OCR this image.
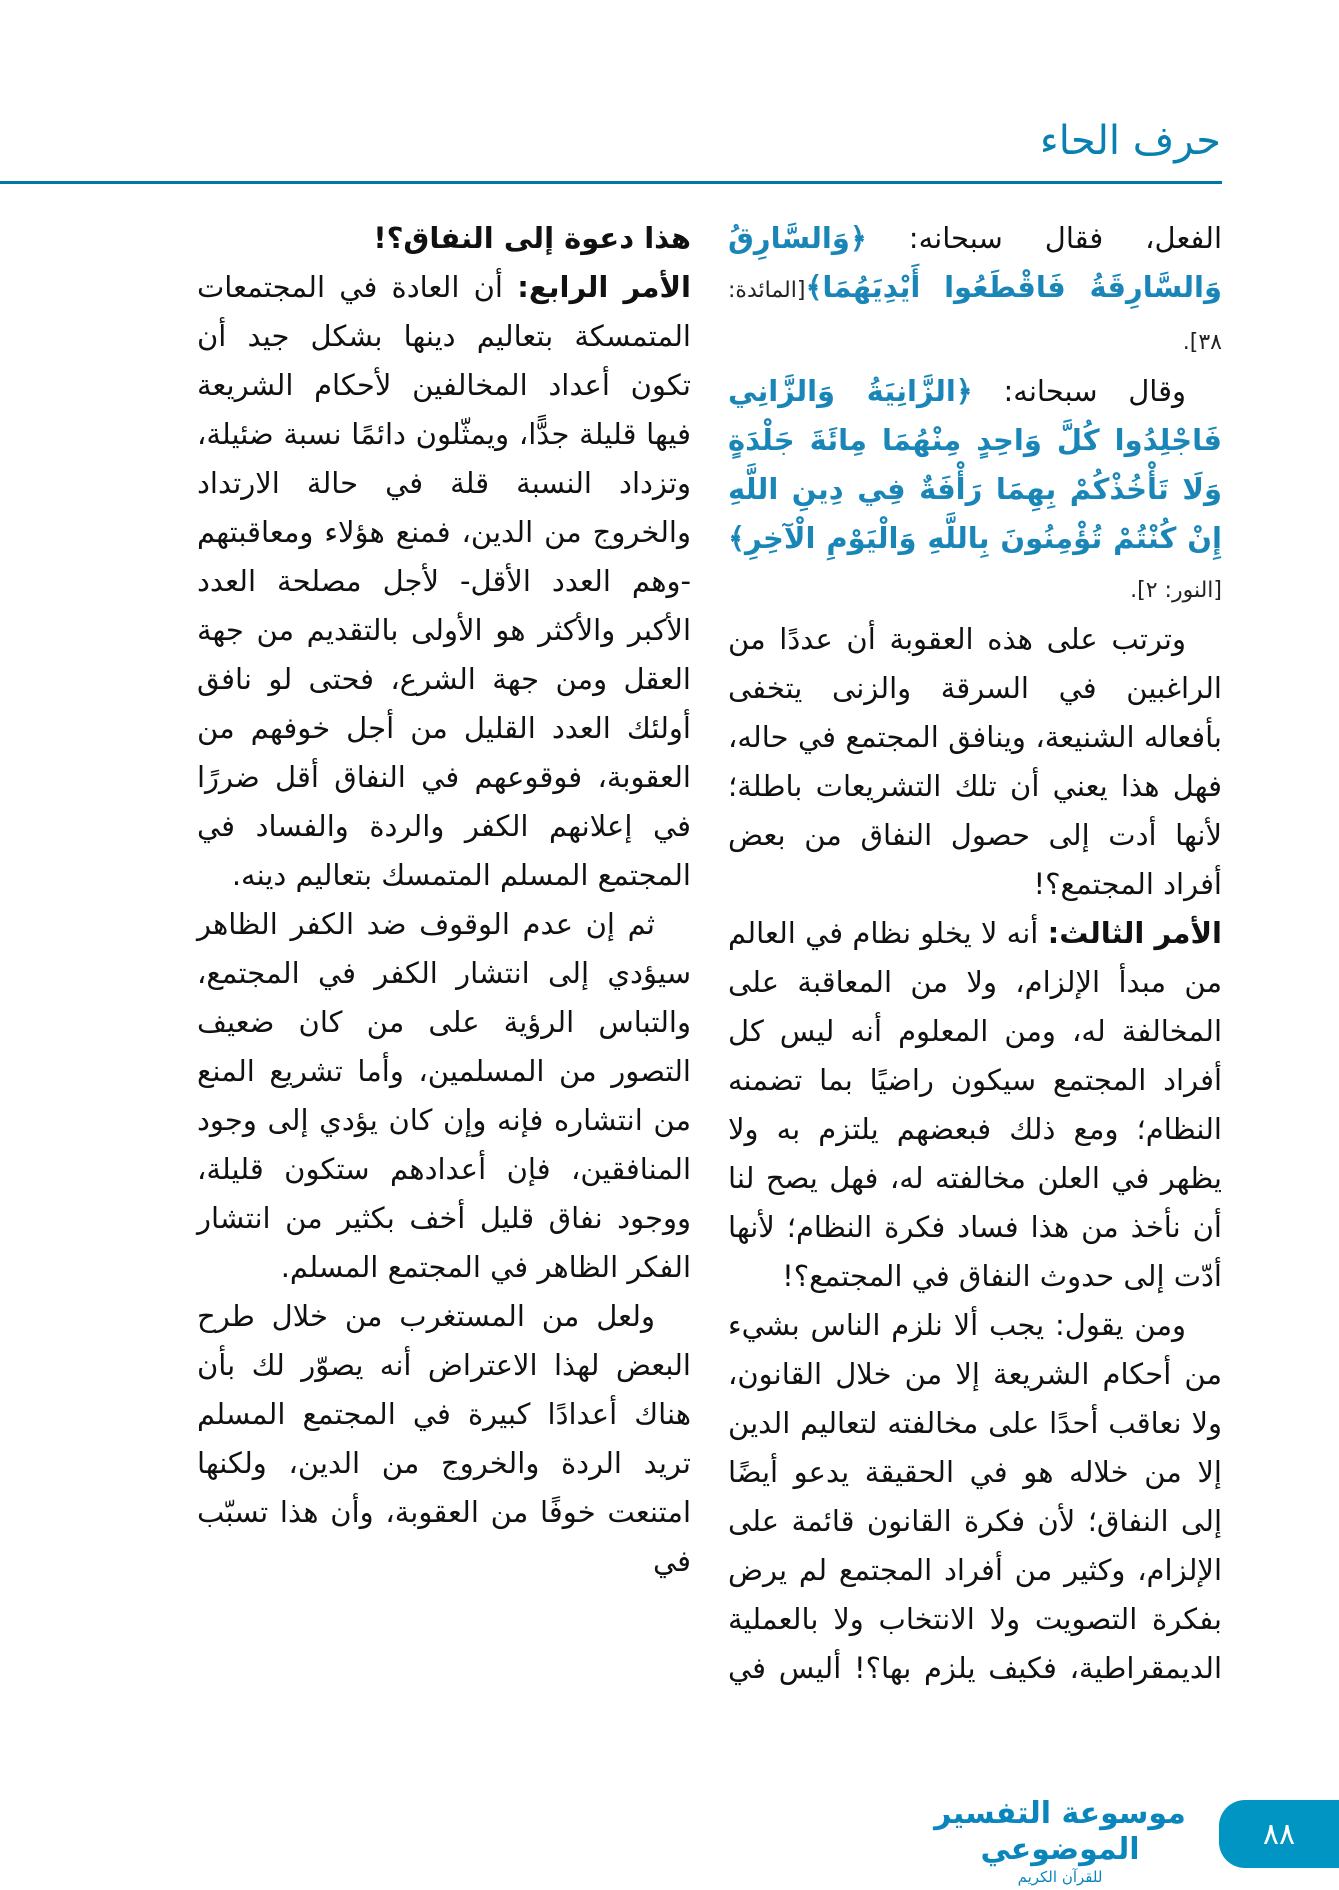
حرف الحاء

الفعل، فقال سبحانه: ﴿وَالسَّارِقُ وَالسَّارِقَةُ فَاقْطَعُوا أَيْدِيَهُمَا﴾[المائدة: ٣٨].

وقال سبحانه: ﴿الزَّانِيَةُ وَالزَّانِي فَاجْلِدُوا كُلَّ وَاحِدٍ مِنْهُمَا مِائَةَ جَلْدَةٍ وَلَا تَأْخُذْكُمْ بِهِمَا رَأْفَةٌ فِي دِينِ اللَّهِ إِنْ كُنْتُمْ تُؤْمِنُونَ بِاللَّهِ وَالْيَوْمِ الْآخِرِ﴾[النور: ٢].

وترتب على هذه العقوبة أن عددًا من الراغبين في السرقة والزنى يتخفى بأفعاله الشنيعة، وينافق المجتمع في حاله، فهل هذا يعني أن تلك التشريعات باطلة؛ لأنها أدت إلى حصول النفاق من بعض أفراد المجتمع؟!

الأمر الثالث: أنه لا يخلو نظام في العالم من مبدأ الإلزام، ولا من المعاقبة على المخالفة له، ومن المعلوم أنه ليس كل أفراد المجتمع سيكون راضيًا بما تضمنه النظام؛ ومع ذلك فبعضهم يلتزم به ولا يظهر في العلن مخالفته له، فهل يصح لنا أن نأخذ من هذا فساد فكرة النظام؛ لأنها أدّت إلى حدوث النفاق في المجتمع؟!

ومن يقول: يجب ألا نلزم الناس بشيء من أحكام الشريعة إلا من خلال القانون، ولا نعاقب أحدًا على مخالفته لتعاليم الدين إلا من خلاله هو في الحقيقة يدعو أيضًا إلى النفاق؛ لأن فكرة القانون قائمة على الإلزام، وكثير من أفراد المجتمع لم يرض بفكرة التصويت ولا الانتخاب ولا بالعملية الديمقراطية، فكيف يلزم بها؟! أليس في

هذا دعوة إلى النفاق؟!

الأمر الرابع: أن العادة في المجتمعات المتمسكة بتعاليم دينها بشكل جيد أن تكون أعداد المخالفين لأحكام الشريعة فيها قليلة جدًّا، ويمثّلون دائمًا نسبة ضئيلة، وتزداد النسبة قلة في حالة الارتداد والخروج من الدين، فمنع هؤلاء ومعاقبتهم -وهم العدد الأقل- لأجل مصلحة العدد الأكبر والأكثر هو الأولى بالتقديم من جهة العقل ومن جهة الشرع، فحتى لو نافق أولئك العدد القليل من أجل خوفهم من العقوبة، فوقوعهم في النفاق أقل ضررًا في إعلانهم الكفر والردة والفساد في المجتمع المسلم المتمسك بتعاليم دينه.

ثم إن عدم الوقوف ضد الكفر الظاهر سيؤدي إلى انتشار الكفر في المجتمع، والتباس الرؤية على من كان ضعيف التصور من المسلمين، وأما تشريع المنع من انتشاره فإنه وإن كان يؤدي إلى وجود المنافقين، فإن أعدادهم ستكون قليلة، ووجود نفاق قليل أخف بكثير من انتشار الفكر الظاهر في المجتمع المسلم.

ولعل من المستغرب من خلال طرح البعض لهذا الاعتراض أنه يصوّر لك بأن هناك أعدادًا كبيرة في المجتمع المسلم تريد الردة والخروج من الدين، ولكنها امتنعت خوفًا من العقوبة، وأن هذا تسبّب في

موسوعة التفسير الموضوعي
للقرآن الكريم
٨٨
